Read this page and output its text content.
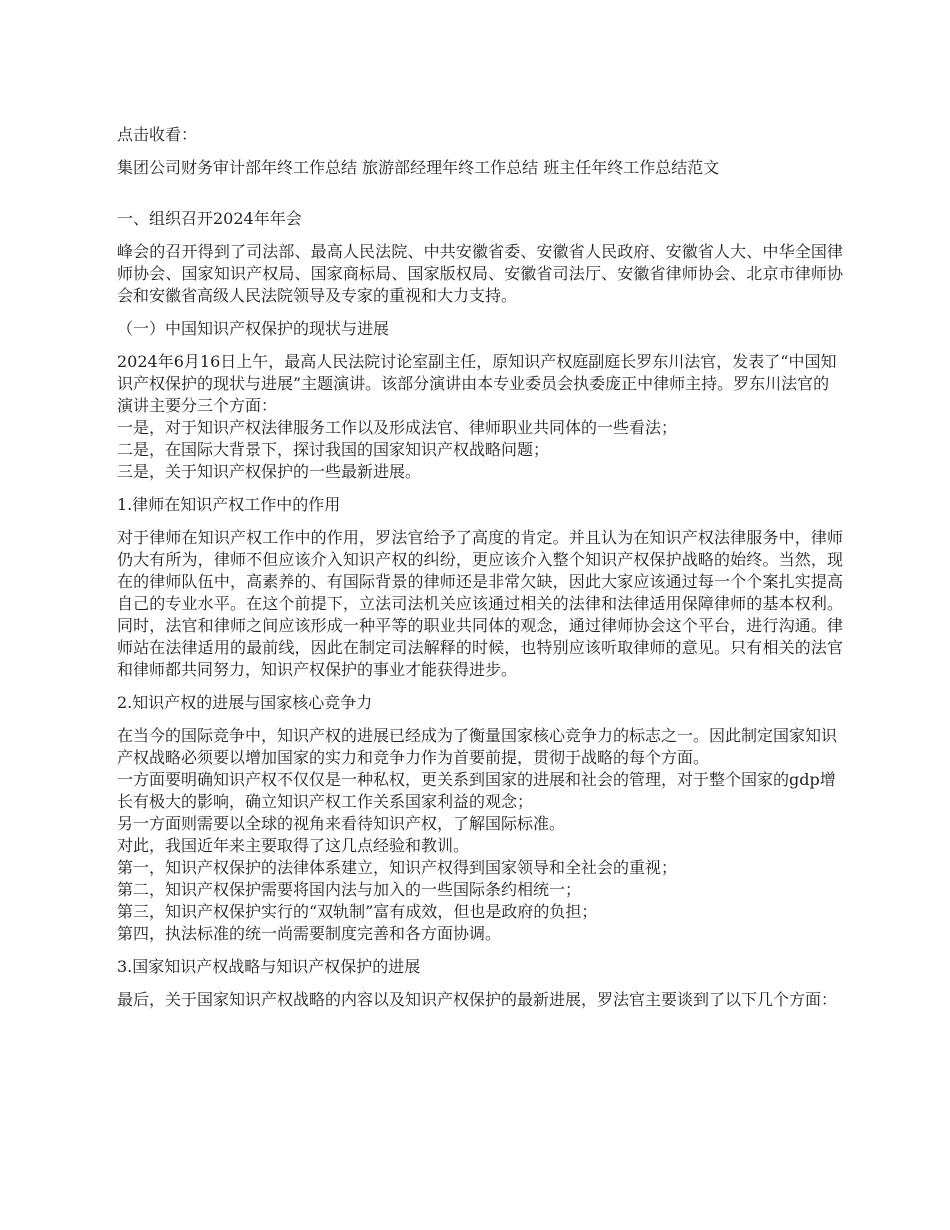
点击收看：

集团公司财务审计部年终工作总结 旅游部经理年终工作总结 班主任年终工作总结范文

一、组织召开2024年年会

峰会的召开得到了司法部、最高人民法院、中共安徽省委、安徽省人民政府、安徽省人大、中华全国律师协会、国家知识产权局、国家商标局、国家版权局、安徽省司法厅、安徽省律师协会、北京市律师协会和安徽省高级人民法院领导及专家的重视和大力支持。

（一）中国知识产权保护的现状与进展

2024年6月16日上午，最高人民法院讨论室副主任，原知识产权庭副庭长罗东川法官，发表了“中国知识产权保护的现状与进展”主题演讲。该部分演讲由本专业委员会执委庞正中律师主持。罗东川法官的演讲主要分三个方面：
一是，对于知识产权法律服务工作以及形成法官、律师职业共同体的一些看法；
二是，在国际大背景下，探讨我国的国家知识产权战略问题；
三是，关于知识产权保护的一些最新进展。

1.律师在知识产权工作中的作用

对于律师在知识产权工作中的作用，罗法官给予了高度的肯定。并且认为在知识产权法律服务中，律师仍大有所为，律师不但应该介入知识产权的纠纷，更应该介入整个知识产权保护战略的始终。当然，现在的律师队伍中，高素养的、有国际背景的律师还是非常欠缺，因此大家应该通过每一个个案扎实提高自己的专业水平。在这个前提下，立法司法机关应该通过相关的法律和法律适用保障律师的基本权利。同时，法官和律师之间应该形成一种平等的职业共同体的观念，通过律师协会这个平台，进行沟通。律师站在法律适用的最前线，因此在制定司法解释的时候，也特别应该听取律师的意见。只有相关的法官和律师都共同努力，知识产权保护的事业才能获得进步。

2.知识产权的进展与国家核心竞争力

在当今的国际竞争中，知识产权的进展已经成为了衡量国家核心竞争力的标志之一。因此制定国家知识产权战略必须要以增加国家的实力和竞争力作为首要前提，贯彻于战略的每个方面。
一方面要明确知识产权不仅仅是一种私权，更关系到国家的进展和社会的管理，对于整个国家的gdp增长有极大的影响，确立知识产权工作关系国家利益的观念；
另一方面则需要以全球的视角来看待知识产权，了解国际标准。
对此，我国近年来主要取得了这几点经验和教训。
第一，知识产权保护的法律体系建立，知识产权得到国家领导和全社会的重视；
第二，知识产权保护需要将国内法与加入的一些国际条约相统一；
第三，知识产权保护实行的“双轨制”富有成效，但也是政府的负担；
第四，执法标准的统一尚需要制度完善和各方面协调。

3.国家知识产权战略与知识产权保护的进展

最后，关于国家知识产权战略的内容以及知识产权保护的最新进展，罗法官主要谈到了以下几个方面：
